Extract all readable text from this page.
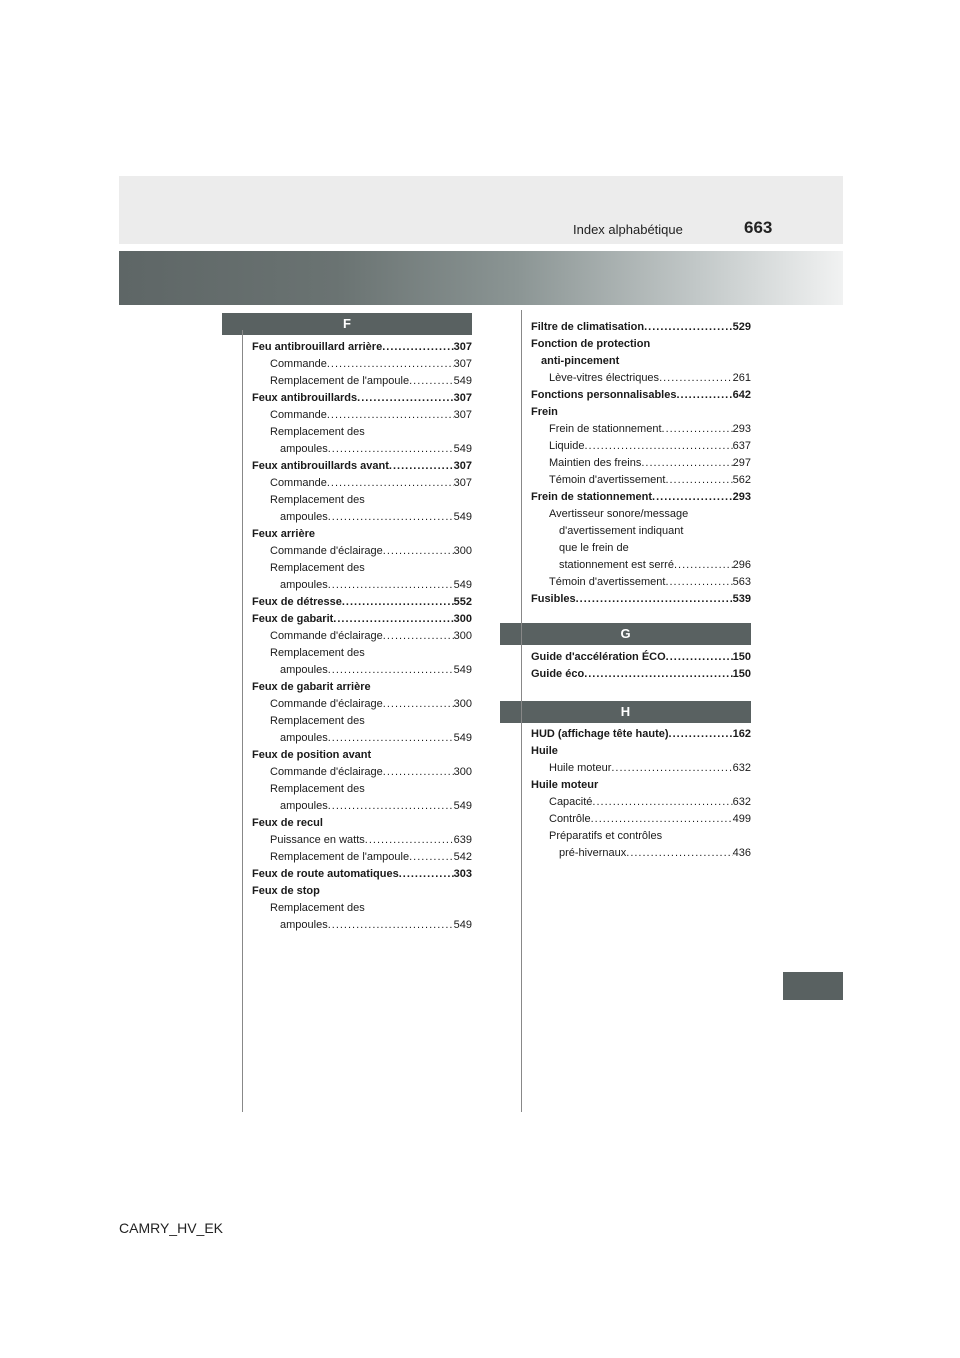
Index alphabétique	663
F
G
H
Feu antibrouillard arrière .....	307
Commande .....	307
Remplacement de l'ampoule .....	549
Feux antibrouillards .....	307
Commande .....	307
Remplacement des
ampoules .....	549
Feux antibrouillards avant .....	307
Commande .....	307
Remplacement des
ampoules .....	549
Feux arrière
Commande d'éclairage .....	300
Remplacement des
ampoules .....	549
Feux de détresse .....	552
Feux de gabarit .....	300
Commande d'éclairage .....	300
Remplacement des
ampoules .....	549
Feux de gabarit arrière
Commande d'éclairage .....	300
Remplacement des
ampoules .....	549
Feux de position avant
Commande d'éclairage .....	300
Remplacement des
ampoules .....	549
Feux de recul
Puissance en watts .....	639
Remplacement de l'ampoule .....	542
Feux de route automatiques .....	303
Feux de stop
Remplacement des
ampoules .....	549
Filtre de climatisation .....	529
Fonction de protection
anti-pincement
Lève-vitres électriques .....	261
Fonctions personnalisables .....	642
Frein
Frein de stationnement .....	293
Liquide .....	637
Maintien des freins .....	297
Témoin d'avertissement .....	562
Frein de stationnement .....	293
Avertisseur sonore/message
d'avertissement indiquant
que le frein de
stationnement est serré .....	296
Témoin d'avertissement .....	563
Fusibles .....	539
Guide d'accélération ÉCO .....	150
Guide éco .....	150
HUD (affichage tête haute) .....	162
Huile
Huile moteur .....	632
Huile moteur
Capacité .....	632
Contrôle .....	499
Préparatifs et contrôles
pré-hivernaux .....	436
CAMRY_HV_EK
